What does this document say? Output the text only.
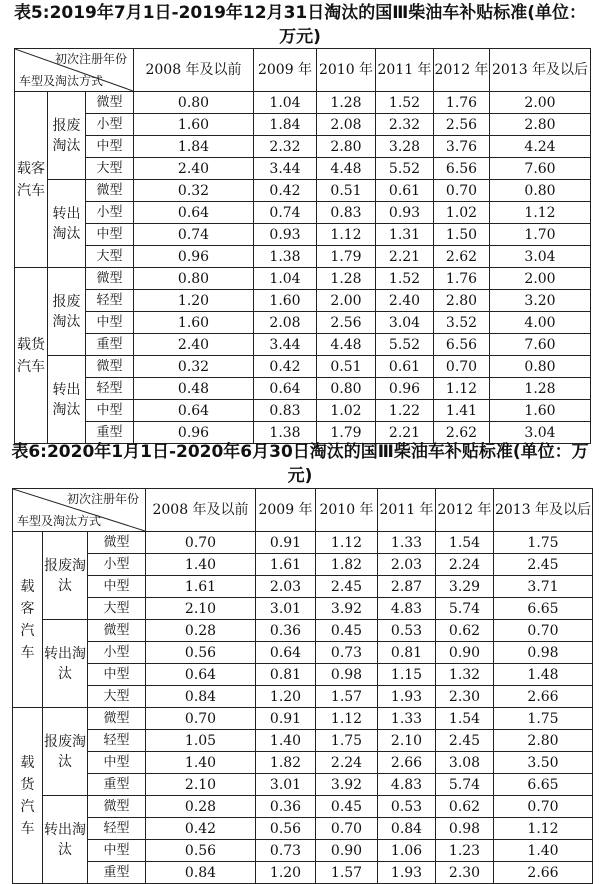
表5:2019年7月1日-2019年12月31日淘汰的国Ⅲ柴油车补贴标准(单位：万元)
初次注册年份
车型及淘汰方式			2008 年及以前	2009 年	2010 年	2011 年	2012 年	2013 年及以后
载客汽车	报废淘汰	微型	0.80	1.04	1.28	1.52	1.76	2.00
		小型	1.60	1.84	2.08	2.32	2.56	2.80
		中型	1.84	2.32	2.80	3.28	3.76	4.24
		大型	2.40	3.44	4.48	5.52	6.56	7.60
	转出淘汰	微型	0.32	0.42	0.51	0.61	0.70	0.80
		小型	0.64	0.74	0.83	0.93	1.02	1.12
		中型	0.74	0.93	1.12	1.31	1.50	1.70
		大型	0.96	1.38	1.79	2.21	2.62	3.04
载货汽车	报废淘汰	微型	0.80	1.04	1.28	1.52	1.76	2.00
		轻型	1.20	1.60	2.00	2.40	2.80	3.20
		中型	1.60	2.08	2.56	3.04	3.52	4.00
		重型	2.40	3.44	4.48	5.52	6.56	7.60
	转出淘汰	微型	0.32	0.42	0.51	0.61	0.70	0.80
		轻型	0.48	0.64	0.80	0.96	1.12	1.28
		中型	0.64	0.83	1.02	1.22	1.41	1.60
		重型	0.96	1.38	1.79	2.21	2.62	3.04
表6:2020年1月1日-2020年6月30日淘汰的国Ⅲ柴油车补贴标准(单位：万元)
初次注册年份
车型及淘汰方式			2008 年及以前	2009 年	2010 年	2011 年	2012 年	2013 年及以后
载客汽车	报废淘汰	微型	0.70	0.91	1.12	1.33	1.54	1.75
		小型	1.40	1.61	1.82	2.03	2.24	2.45
		中型	1.61	2.03	2.45	2.87	3.29	3.71
		大型	2.10	3.01	3.92	4.83	5.74	6.65
	转出淘汰	微型	0.28	0.36	0.45	0.53	0.62	0.70
		小型	0.56	0.64	0.73	0.81	0.90	0.98
		中型	0.64	0.81	0.98	1.15	1.32	1.48
		大型	0.84	1.20	1.57	1.93	2.30	2.66
载货汽车	报废淘汰	微型	0.70	0.91	1.12	1.33	1.54	1.75
		轻型	1.05	1.40	1.75	2.10	2.45	2.80
		中型	1.40	1.82	2.24	2.66	3.08	3.50
		重型	2.10	3.01	3.92	4.83	5.74	6.65
	转出淘汰	微型	0.28	0.36	0.45	0.53	0.62	0.70
		轻型	0.42	0.56	0.70	0.84	0.98	1.12
		中型	0.56	0.73	0.90	1.06	1.23	1.40
		重型	0.84	1.20	1.57	1.93	2.30	2.66
